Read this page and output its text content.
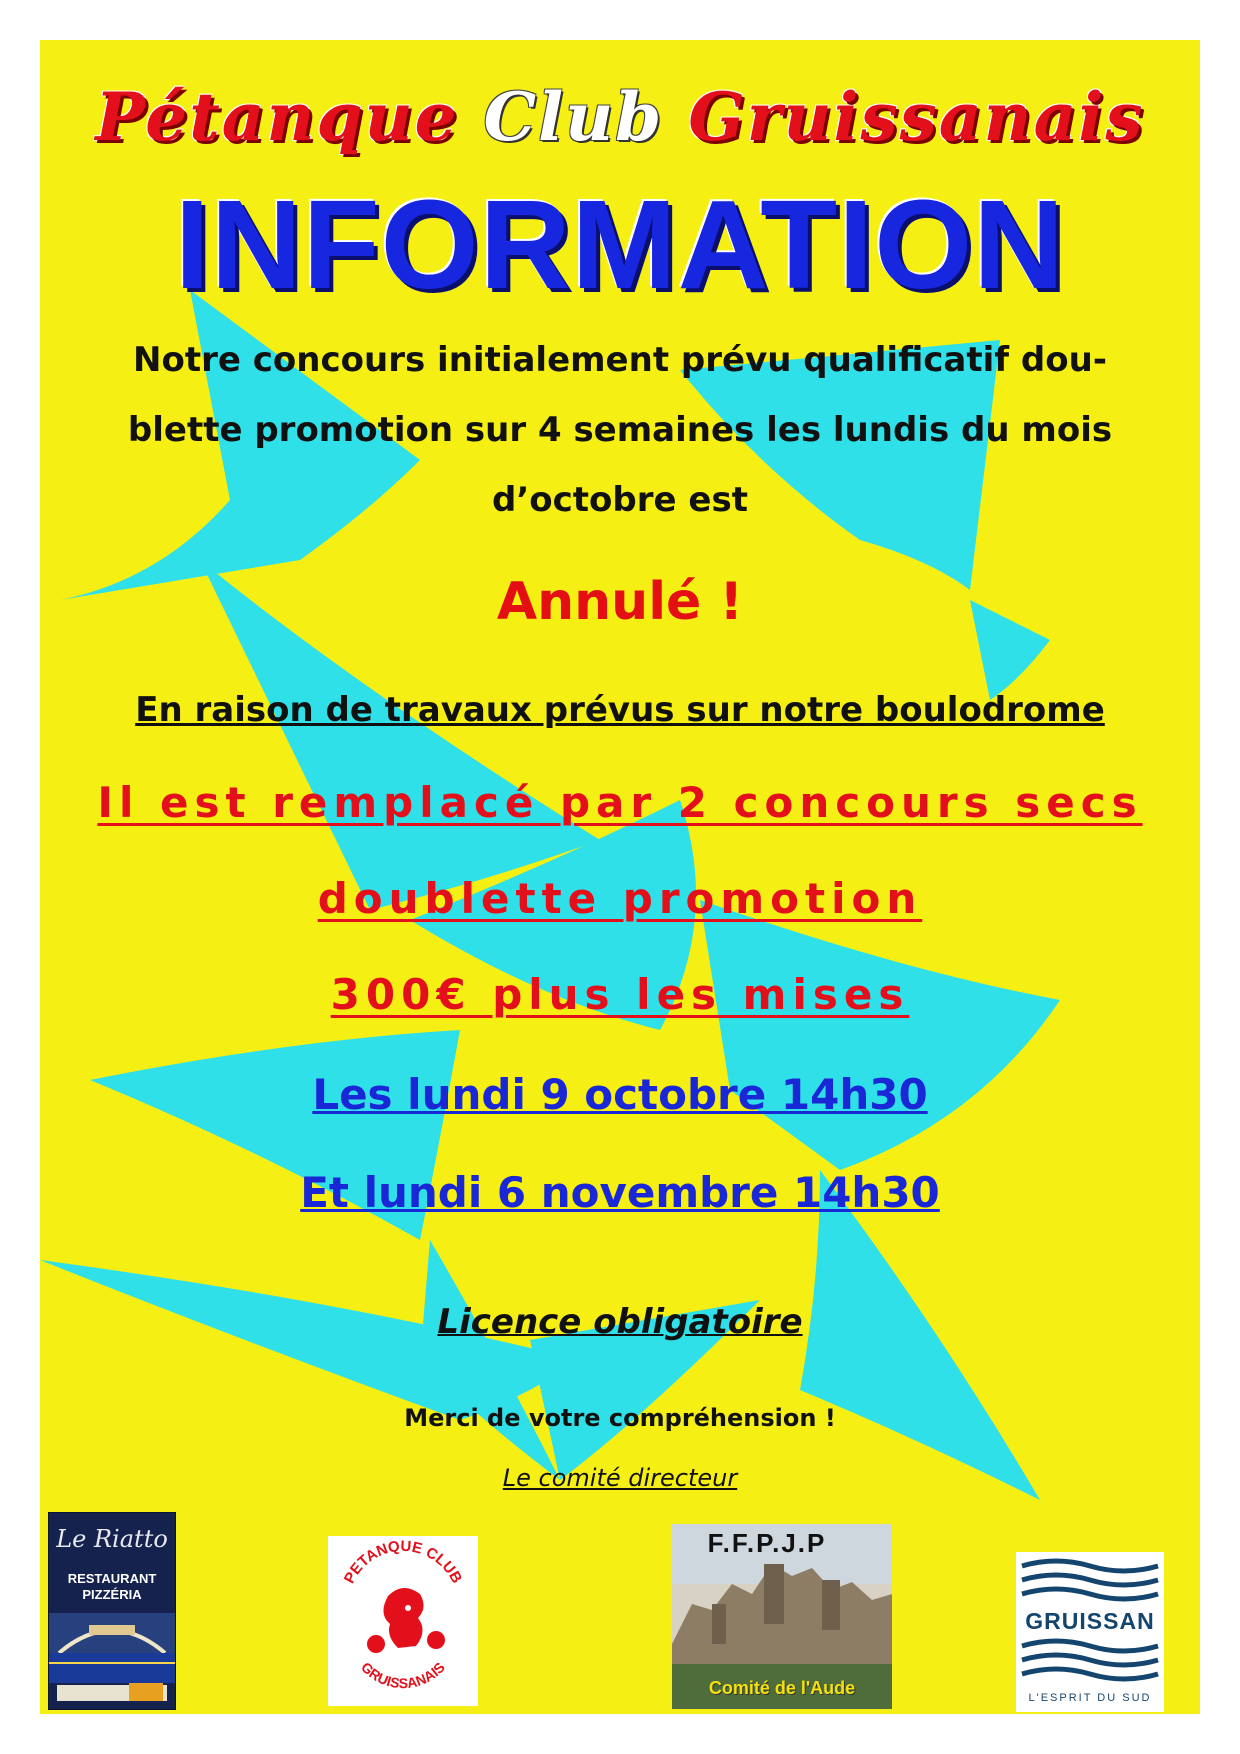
Pétanque Club Gruissanais
INFORMATION
Notre concours initialement prévu qualificatif dou-
blette promotion sur 4 semaines les lundis du mois
d’octobre est
Annulé !
En raison de travaux prévus sur notre boulodrome
Il est remplacé par 2 concours secs
doublette promotion
300€ plus les mises
Les lundi 9 octobre 14h30
Et lundi 6 novembre 14h30
Licence obligatoire
Merci de votre compréhension !
Le comité directeur
Le Riatto
RESTAURANT
PIZZÉRIA
PETANQUE CLUB
GRUISSANAIS
F.F.P.J.P
Comité de l'Aude
GRUISSAN
L'ESPRIT DU SUD
